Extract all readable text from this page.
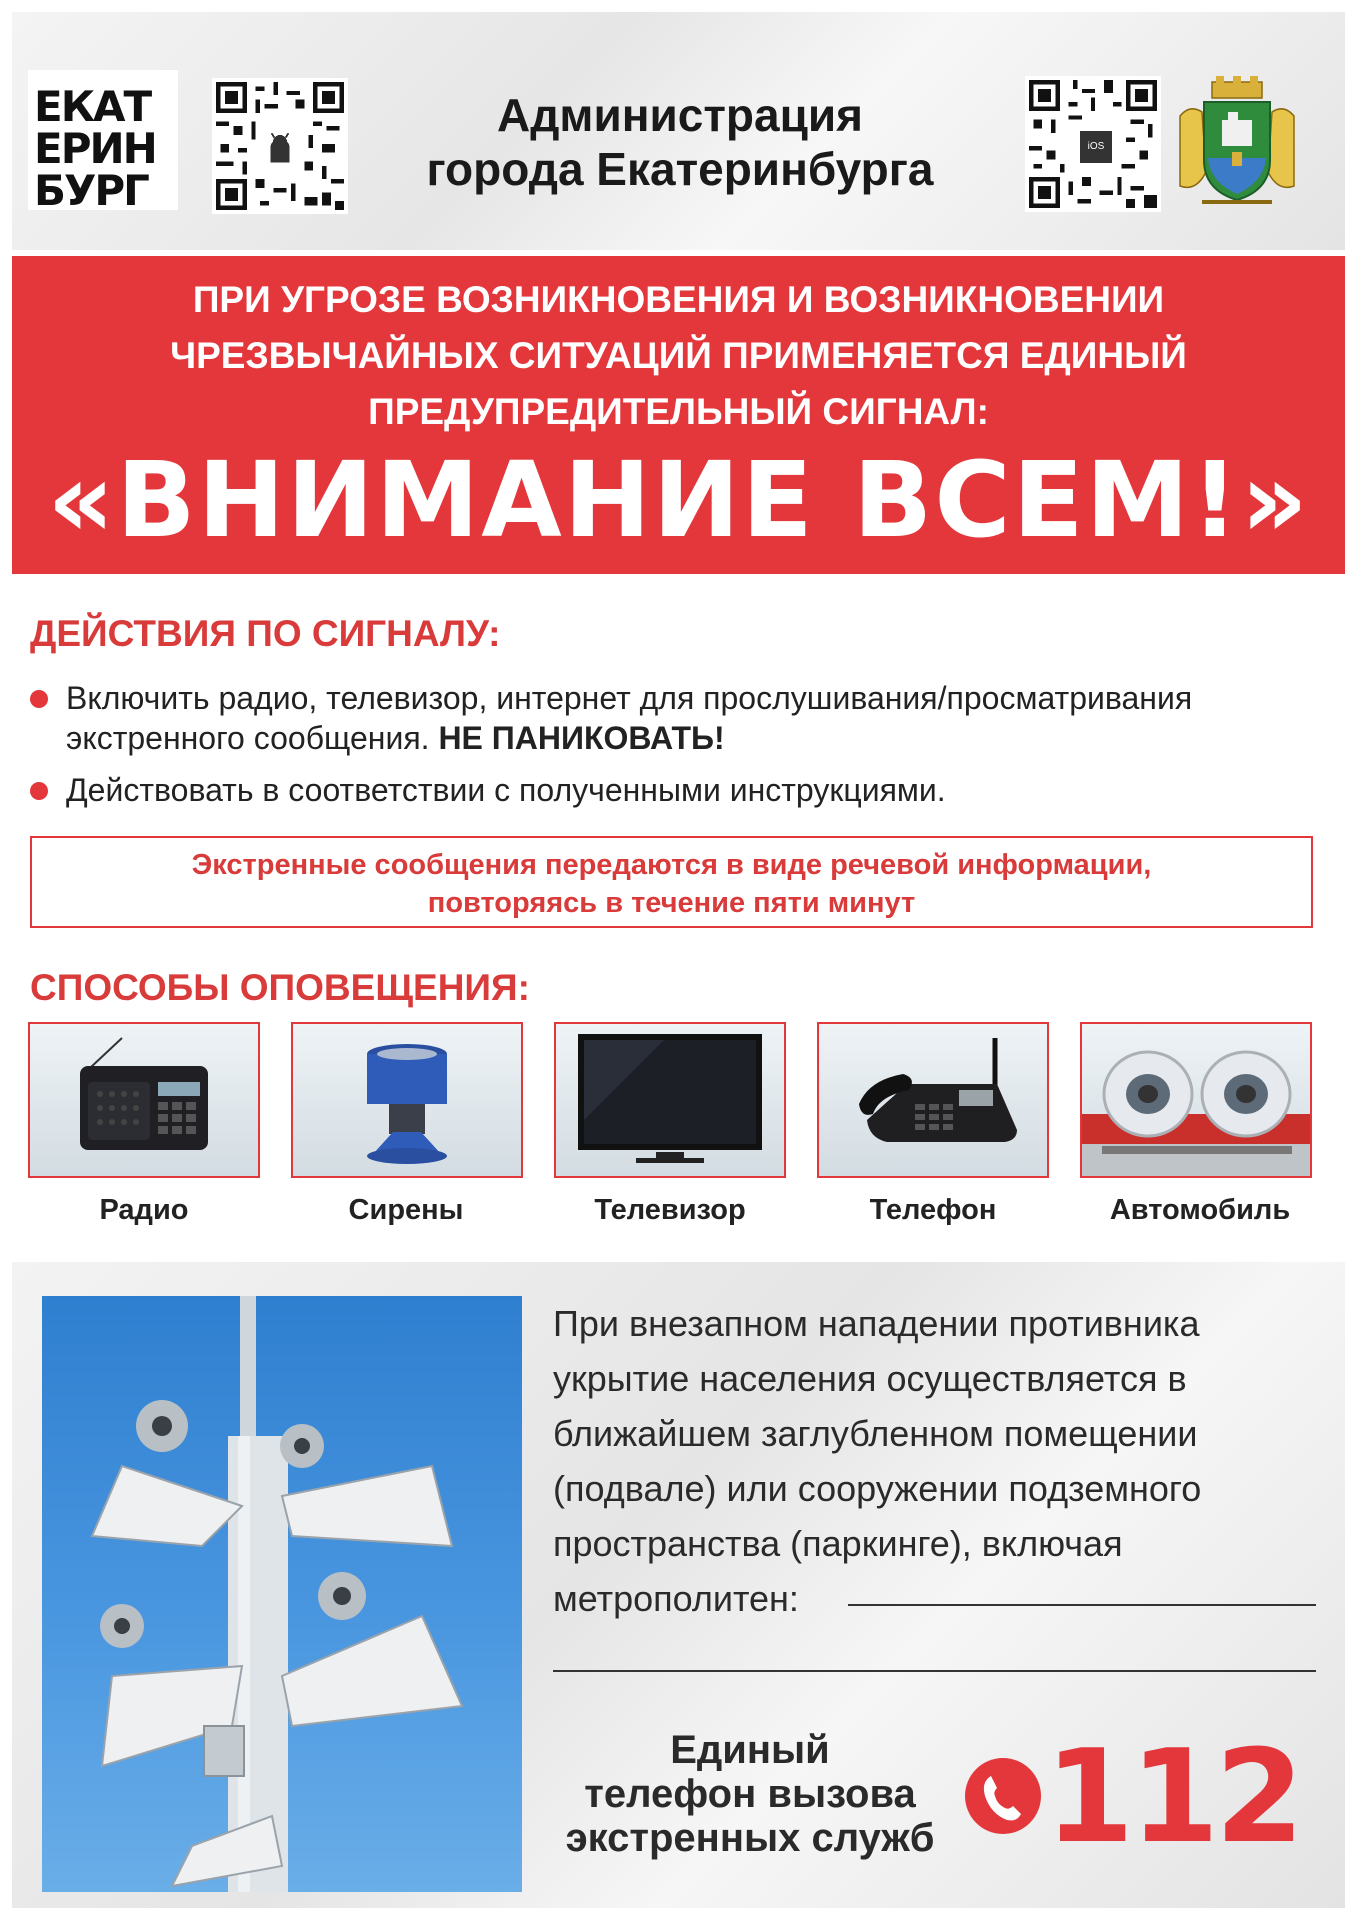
ЕКАТ
ЕРИН
БУРГ
Администрация
города Екатеринбурга	iOS
ПРИ УГРОЗЕ ВОЗНИКНОВЕНИЯ И ВОЗНИКНОВЕНИИ
ЧРЕЗВЫЧАЙНЫХ СИТУАЦИЙ ПРИМЕНЯЕТСЯ ЕДИНЫЙ
ПРЕДУПРЕДИТЕЛЬНЫЙ СИГНАЛ:
«ВНИМАНИЕ ВСЕМ!»
ДЕЙСТВИЯ ПО СИГНАЛУ:
Включить радио, телевизор, интернет для прослушивания/просматривания экстренного сообщения. НЕ ПАНИКОВАТЬ!
Действовать в соответствии с полученными инструкциями.
Экстренные сообщения передаются в виде речевой информации,
повторяясь в течение пяти минут
СПОСОБЫ ОПОВЕЩЕНИЯ:
Радио	Сирены	Телевизор	Телефон	Автомобиль
При внезапном нападении противника укрытие населения осуществляется в ближайшем заглубленном помещении (подвале) или сооружении подземного пространства (паркинге), включая метрополитен:
Единый
телефон вызова
экстренных служб 112
